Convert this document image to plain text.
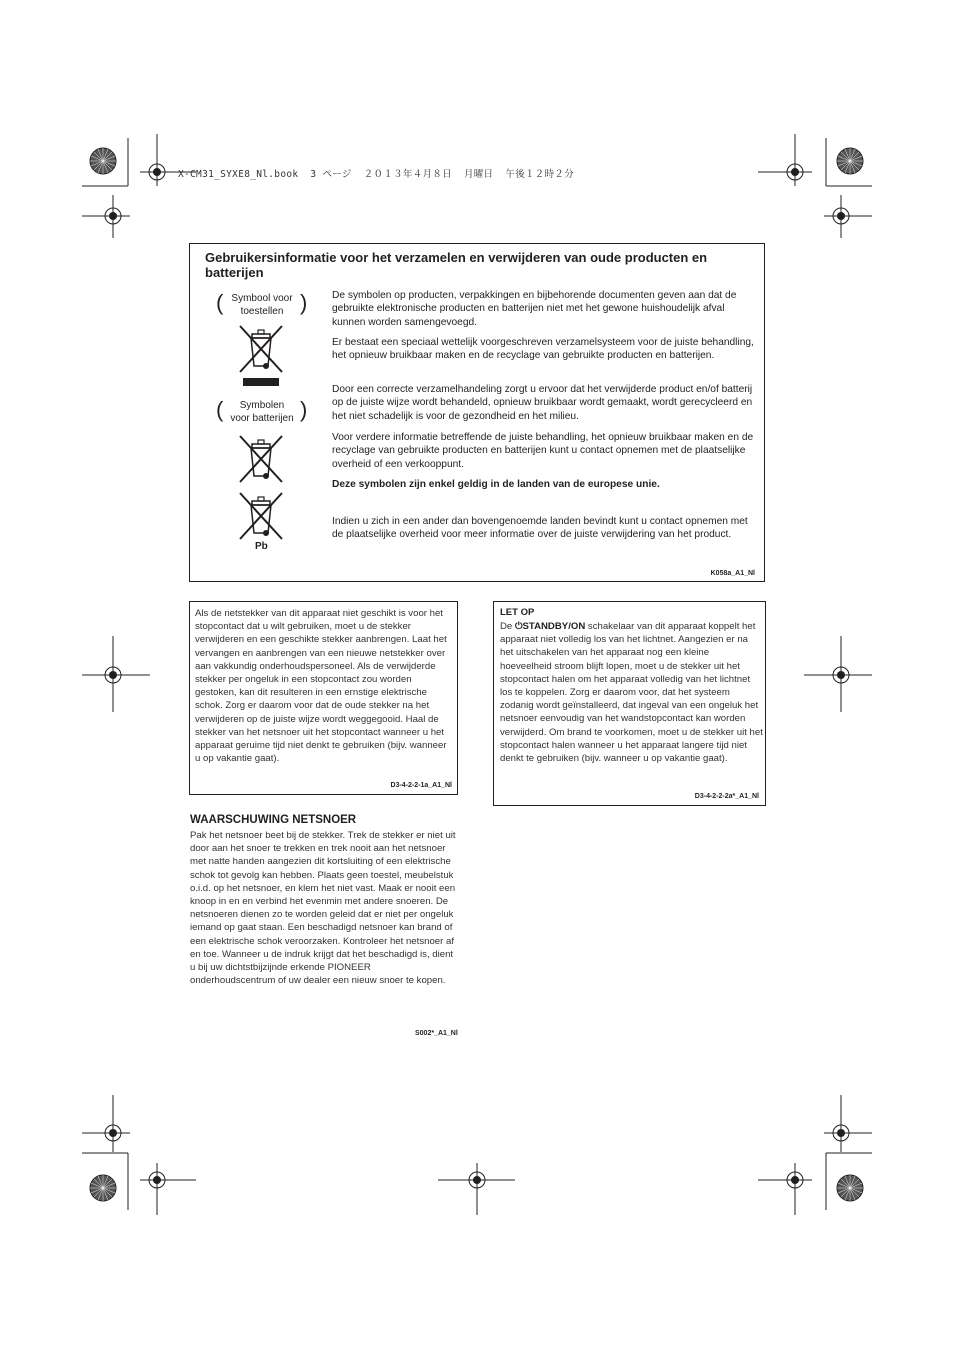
X-CM31_SYXE8_Nl.book  3 ページ  ２０１３年４月８日  月曜日  午後１２時２分
Gebruikersinformatie voor het verzamelen en verwijderen van oude producten en batterijen
( Symbool voor
toestellen )
(	Symbolen
voor batterijen )
Pb
De symbolen op producten, verpakkingen en bijbehorende documenten geven aan dat de gebruikte elektronische producten en batterijen niet met het gewone huishoudelijk afval kunnen worden samengevoegd.
Er bestaat een speciaal wettelijk voorgeschreven verzamelsysteem voor de juiste behandling, het opnieuw bruikbaar maken en de recyclage van gebruikte producten en batterijen.
Door een correcte verzamelhandeling zorgt u ervoor dat het verwijderde product en/of batterij op de juiste wijze wordt behandeld, opnieuw bruikbaar wordt gemaakt, wordt gerecycleerd en het niet schadelijk is voor de gezondheid en het milieu.
Voor verdere informatie betreffende de juiste behandling, het opnieuw bruikbaar maken en de recyclage van gebruikte producten en batterijen kunt u contact opnemen met de plaatselijke overheid of een verkooppunt.
Deze symbolen zijn enkel geldig in de landen van de europese unie.
Indien u zich in een ander dan bovengenoemde landen bevindt kunt u contact opnemen met de plaatselijke overheid voor meer informatie over de juiste verwijdering van het product.
K058a_A1_Nl
Als de netstekker van dit apparaat niet geschikt is voor het stopcontact dat u wilt gebruiken, moet u de stekker verwijderen en een geschikte stekker aanbrengen. Laat het vervangen en aanbrengen van een nieuwe netstekker over aan vakkundig onderhoudspersoneel. Als de verwijderde stekker per ongeluk in een stopcontact zou worden gestoken, kan dit resulteren in een ernstige elektrische schok. Zorg er daarom voor dat de oude stekker na het verwijderen op de juiste wijze wordt weggegooid. Haal de stekker van het netsnoer uit het stopcontact wanneer u het apparaat geruime tijd niet denkt te gebruiken (bijv. wanneer u op vakantie gaat).
D3-4-2-2-1a_A1_Nl
WAARSCHUWING NETSNOER
Pak het netsnoer beet bij de stekker. Trek de stekker er niet uit door aan het snoer te trekken en trek nooit aan het netsnoer met natte handen aangezien dit kortsluiting of een elektrische schok tot gevolg kan hebben. Plaats geen toestel, meubelstuk o.i.d. op het netsnoer, en klem het niet vast. Maak er nooit een knoop in en en verbind het evenmin met andere snoeren. De netsnoeren dienen zo te worden geleid dat er niet per ongeluk iemand op gaat staan. Een beschadigd netsnoer kan brand of een elektrische schok veroorzaken. Kontroleer het netsnoer af en toe. Wanneer u de indruk krijgt dat het beschadigd is, dient u bij uw dichtstbijzijnde erkende PIONEER onderhoudscentrum of uw dealer een nieuw snoer te kopen.
S002*_A1_Nl
LET OP
De ⏻STANDBY/ON schakelaar van dit apparaat koppelt het apparaat niet volledig los van het lichtnet. Aangezien er na het uitschakelen van het apparaat nog een kleine hoeveelheid stroom blijft lopen, moet u de stekker uit het stopcontact halen om het apparaat volledig van het lichtnet los te koppelen. Zorg er daarom voor, dat het systeem zodanig wordt geïnstalleerd, dat ingeval van een ongeluk het netsnoer eenvoudig van het wandstopcontact kan worden verwijderd. Om brand te voorkomen, moet u de stekker uit het stopcontact halen wanneer u het apparaat langere tijd niet denkt te gebruiken (bijv. wanneer u op vakantie gaat).
D3-4-2-2-2a*_A1_Nl
